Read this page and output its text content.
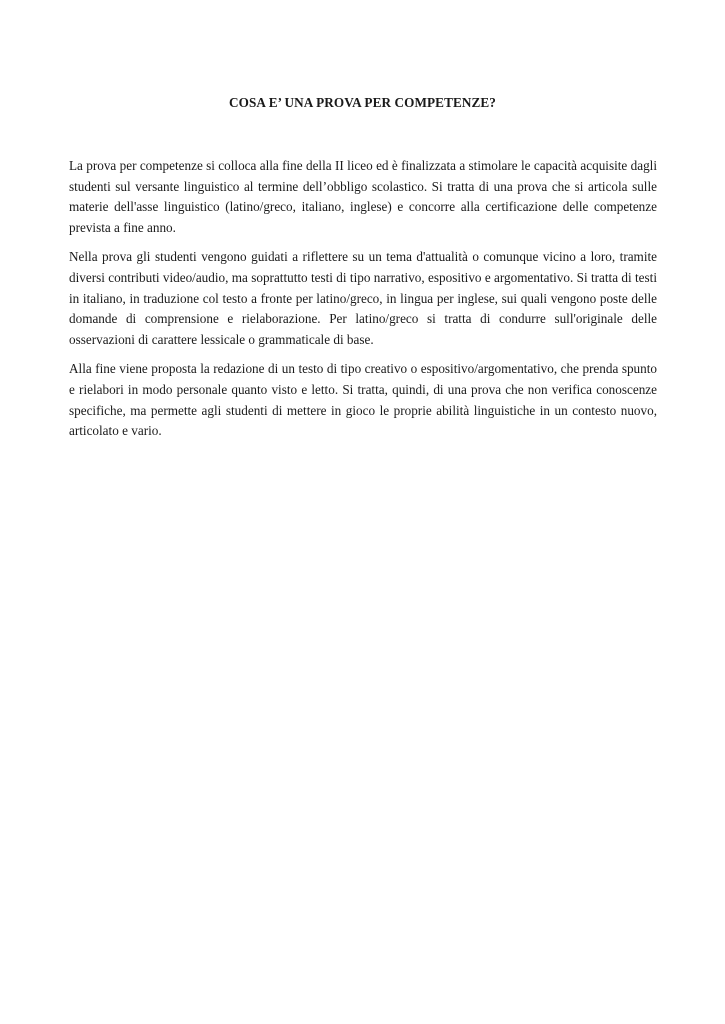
COSA E’ UNA PROVA PER COMPETENZE?

La prova per competenze si colloca alla fine della II liceo ed è finalizzata a stimolare le capacità acquisite dagli studenti sul versante linguistico al termine dell’obbligo scolastico. Si tratta di una prova che si articola sulle materie dell'asse linguistico (latino/greco, italiano, inglese) e concorre alla certificazione delle competenze prevista a fine anno.

Nella prova gli studenti vengono guidati a riflettere su un tema d'attualità o comunque vicino a loro, tramite diversi contributi video/audio, ma soprattutto testi di tipo narrativo, espositivo e argomentativo. Si tratta di testi in italiano, in traduzione col testo a fronte per latino/greco, in lingua per inglese, sui quali vengono poste delle domande di comprensione e rielaborazione. Per latino/greco si tratta di condurre sull'originale delle osservazioni di carattere lessicale o grammaticale di base.

Alla fine viene proposta la redazione di un testo di tipo creativo o espositivo/argomentativo, che prenda spunto e rielabori in modo personale quanto visto e letto. Si tratta, quindi, di una prova che non verifica conoscenze specifiche, ma permette agli studenti di mettere in gioco le proprie abilità linguistiche in un contesto nuovo, articolato e vario.
